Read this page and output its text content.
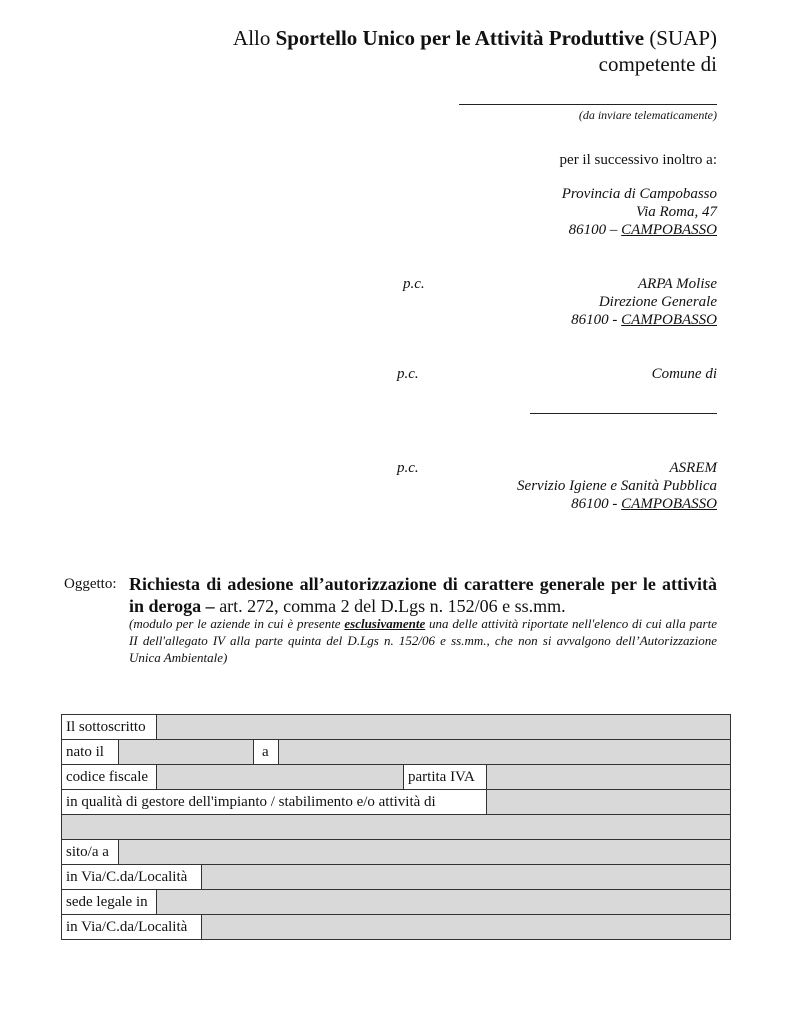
Allo Sportello Unico per le Attività Produttive (SUAP)
competente di
(da inviare telematicamente)
per il successivo inoltro a:
Provincia di Campobasso
Via Roma, 47
86100 – CAMPOBASSO
p.c.	ARPA Molise
Direzione Generale
86100 - CAMPOBASSO
p.c.	Comune di
p.c.	ASREM
Servizio Igiene e Sanità Pubblica
86100 - CAMPOBASSO
Oggetto: Richiesta di adesione all’autorizzazione di carattere generale per le attività in deroga – art. 272, comma 2 del D.Lgs n. 152/06 e ss.mm.
(modulo per le aziende in cui è presente esclusivamente una delle attività riportate nell'elenco di cui alla parte II dell'allegato IV alla parte quinta del D.Lgs n. 152/06 e ss.mm., che non si avvalgono dell’Autorizzazione Unica Ambientale)
Il sottoscritto
nato il	a
codice fiscale	partita IVA
in qualità di gestore dell'impianto / stabilimento e/o attività di
sito/a a
in Via/C.da/Località
sede legale in
in Via/C.da/Località
